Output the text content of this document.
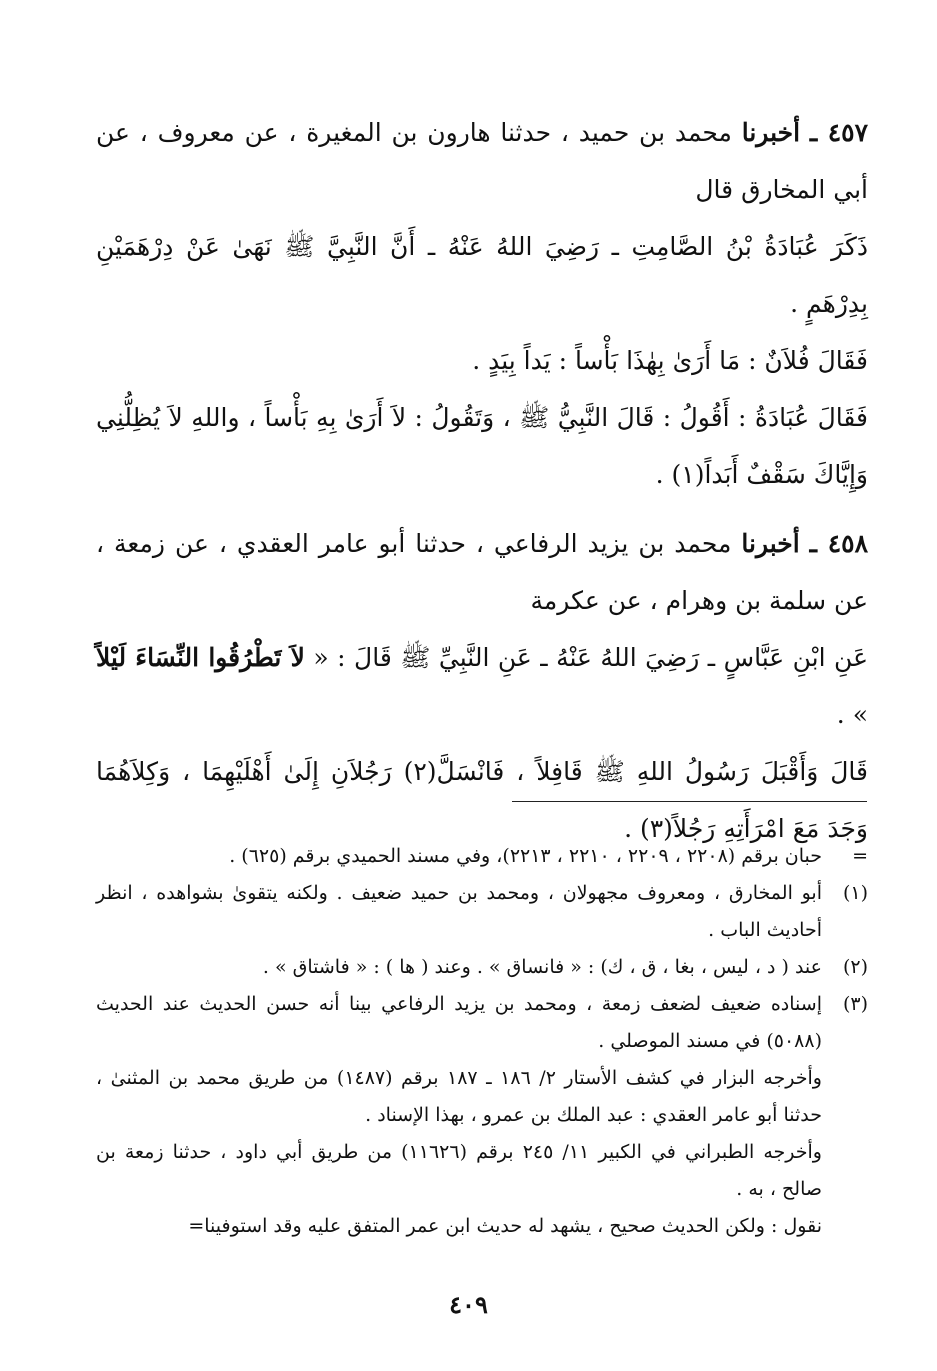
٤٥٧ ـ أخبرنا محمد بن حميد ، حدثنا هارون بن المغيرة ، عن معروف ، عن أبي المخارق قال

ذَكَرَ عُبَادَةُ بْنُ الصَّامِتِ ـ رَضِيَ اللهُ عَنْهُ ـ أَنَّ النَّبِيَّ ﷺ نَهَىٰ عَنْ دِرْهَمَيْنِ بِدِرْهَمٍ .

فَقَالَ فُلاَنٌ : مَا أَرَىٰ بِهٰذَا بَأْساً : يَداً بِيَدٍ .

فَقَالَ عُبَادَةُ : أَقُولُ : قَالَ النَّبِيُّ ﷺ ، وَتَقُولُ : لاَ أَرَىٰ بِهِ بَأْساً ، واللهِ لاَ يُظِلُّنِي وَإِيَّاكَ سَقْفٌ أَبَداً(١) .

٤٥٨ ـ أخبرنا محمد بن يزيد الرفاعي ، حدثنا أبو عامر العقدي ، عن زمعة ، عن سلمة بن وهرام ، عن عكرمة

عَنِ ابْنِ عَبَّاسٍ ـ رَضِيَ اللهُ عَنْهُ ـ عَنِ النَّبِيِّ ﷺ قَالَ : « لاَ تَطْرُقُوا النِّسَاءَ لَيْلاً » .

قَالَ وَأَقْبَلَ رَسُولُ اللهِ ﷺ قَافِلاً ، فَانْسَلَّ(٢) رَجُلاَنِ إِلَىٰ أَهْلَيْهِمَا ، وَكِلاَهُمَا وَجَدَ مَعَ امْرَأَتِهِ رَجُلاً(٣) .

=
حبان برقم (٢٢٠٨ ، ٢٢٠٩ ، ٢٢١٠ ، ٢٢١٣)، وفي مسند الحميدي برقم (٦٢٥) .
(١)
أبو المخارق ، ومعروف مجهولان ، ومحمد بن حميد ضعيف . ولكنه يتقوىٰ بشواهده ، انظر أحاديث الباب .
(٢)
عند ( د ، ليس ، بغا ، ق ، ك) : « فانساق » . وعند ( ها ) : « فاشتاق » .
(٣)
إسناده ضعيف لضعف زمعة ، ومحمد بن يزيد الرفاعي بينا أنه حسن الحديث عند الحديث (٥٠٨٨) في مسند الموصلي .
وأخرجه البزار في كشف الأستار ٢/ ١٨٦ ـ ١٨٧ برقم (١٤٨٧) من طريق محمد بن المثنىٰ ، حدثنا أبو عامر العقدي : عبد الملك بن عمرو ، بهذا الإسناد .
وأخرجه الطبراني في الكبير ١١/ ٢٤٥ برقم (١١٦٢٦) من طريق أبي داود ، حدثنا زمعة بن صالح ، به .
نقول : ولكن الحديث صحيح ، يشهد له حديث ابن عمر المتفق عليه وقد استوفينا=
٤٠٩
